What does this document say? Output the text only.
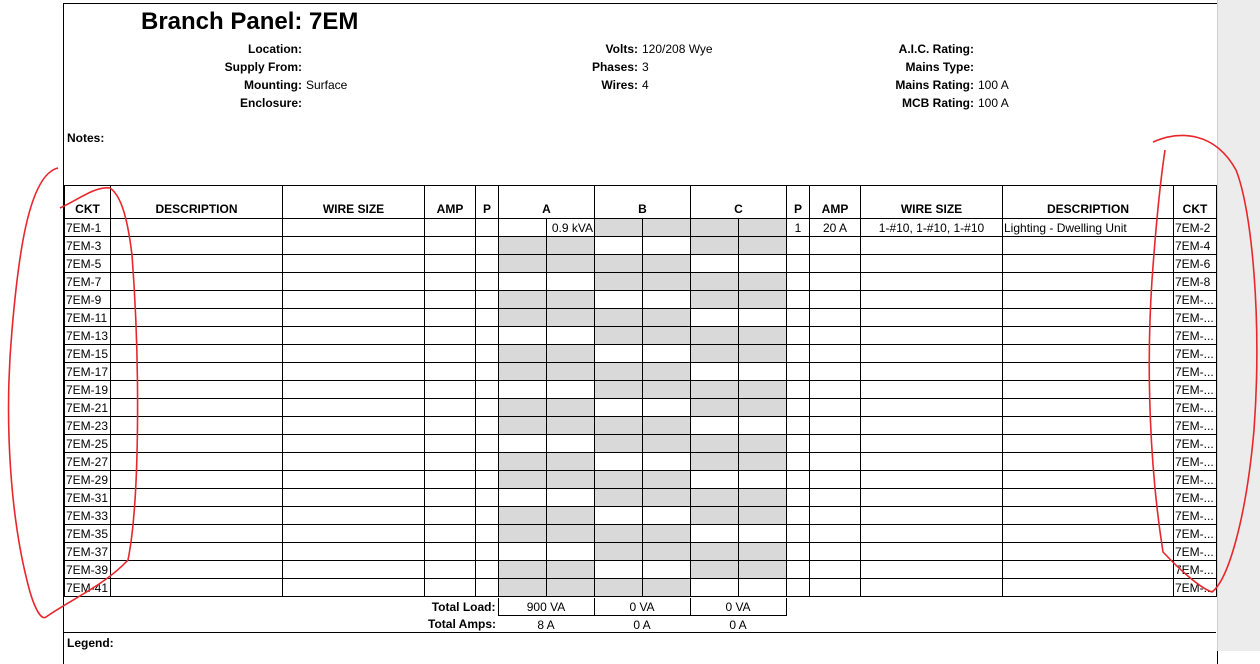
Branch Panel: 7EM
Location:
Supply From:
Mounting: Surface
Enclosure:
Volts: 120/208 Wye
Phases: 3
Wires: 4
A.I.C. Rating:
Mains Type:
Mains Rating: 100 A
MCB Rating: 100 A
Notes:
CKT	DESCRIPTION	WIRE SIZE	AMP	P	A		B		C		P	AMP	WIRE SIZE	DESCRIPTION	CKT
7EM-1						0.9 kVA					1	20 A	1-#10, 1-#10, 1-#10	Lighting - Dwelling Unit	7EM-2
7EM-3															7EM-4
7EM-5															7EM-6
7EM-7															7EM-8
7EM-9															7EM-...
7EM-11															7EM-...
7EM-13															7EM-...
7EM-15															7EM-...
7EM-17															7EM-...
7EM-19															7EM-...
7EM-21															7EM-...
7EM-23															7EM-...
7EM-25															7EM-...
7EM-27															7EM-...
7EM-29															7EM-...
7EM-31															7EM-...
7EM-33															7EM-...
7EM-35															7EM-...
7EM-37															7EM-...
7EM-39															7EM-...
7EM-41															7EM-...
Total Load:	900 VA	0 VA	0 VA
Total Amps:	8 A	0 A	0 A
Legend:
